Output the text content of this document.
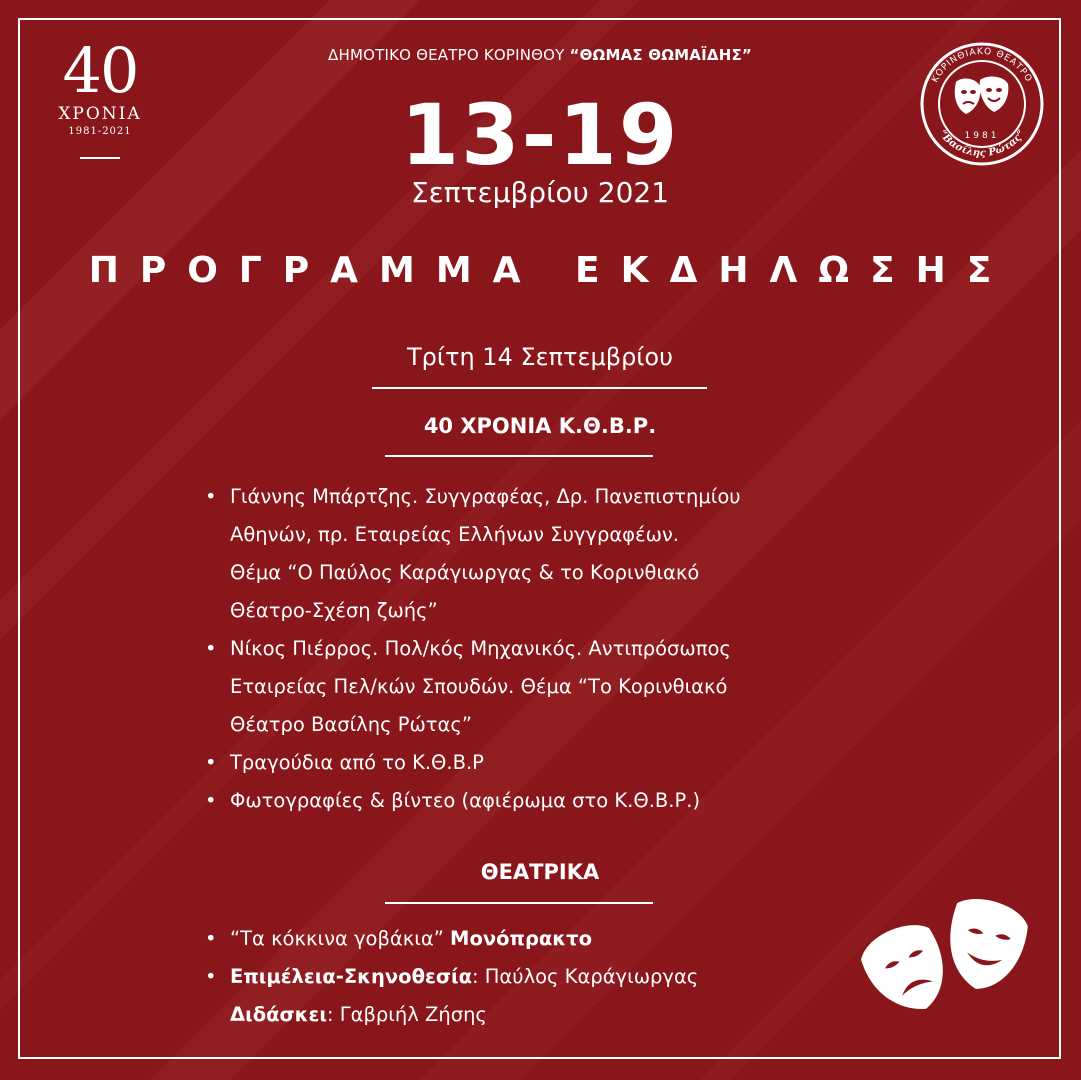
40
ΧΡΟΝΙΑ
1981-2021
ΔΗΜΟΤΙΚΟ ΘΕΑΤΡΟ ΚΟΡΙΝΘΟΥ “ΘΩΜΑΣ ΘΩΜΑΪΔΗΣ”
13-19
Σεπτεμβρίου 2021
ΠΡΟΓΡΑΜΜΑ ΕΚΔΗΛΩΣΗΣ
ΚΟΡΙΝΘΙΑΚΟ ΘΕΑΤΡΟ
“Βασίλης Ρώτας”
1981
Τρίτη 14 Σεπτεμβρίου
40 ΧΡΟΝΙΑ Κ.Θ.Β.Ρ.
• Γιάννης Μπάρτζης. Συγγραφέας, Δρ. Πανεπιστημίου
Αθηνών, πρ. Εταιρείας Ελλήνων Συγγραφέων.
Θέμα “Ο Παύλος Καράγιωργας & το Κορινθιακό
Θέατρο-Σχέση ζωής”
• Νίκος Πιέρρος. Πολ/κός Μηχανικός. Αντιπρόσωπος
Εταιρείας Πελ/κών Σπουδών. Θέμα “Το Κορινθιακό
Θέατρο Βασίλης Ρώτας”
• Τραγούδια από το Κ.Θ.Β.Ρ
• Φωτογραφίες & βίντεο (αφιέρωμα στο Κ.Θ.Β.Ρ.)
ΘΕΑΤΡΙΚΑ
• “Τα κόκκινα γοβάκια” Μονόπρακτο
• Επιμέλεια-Σκηνοθεσία: Παύλος Καράγιωργας
Διδάσκει: Γαβριήλ Ζήσης
